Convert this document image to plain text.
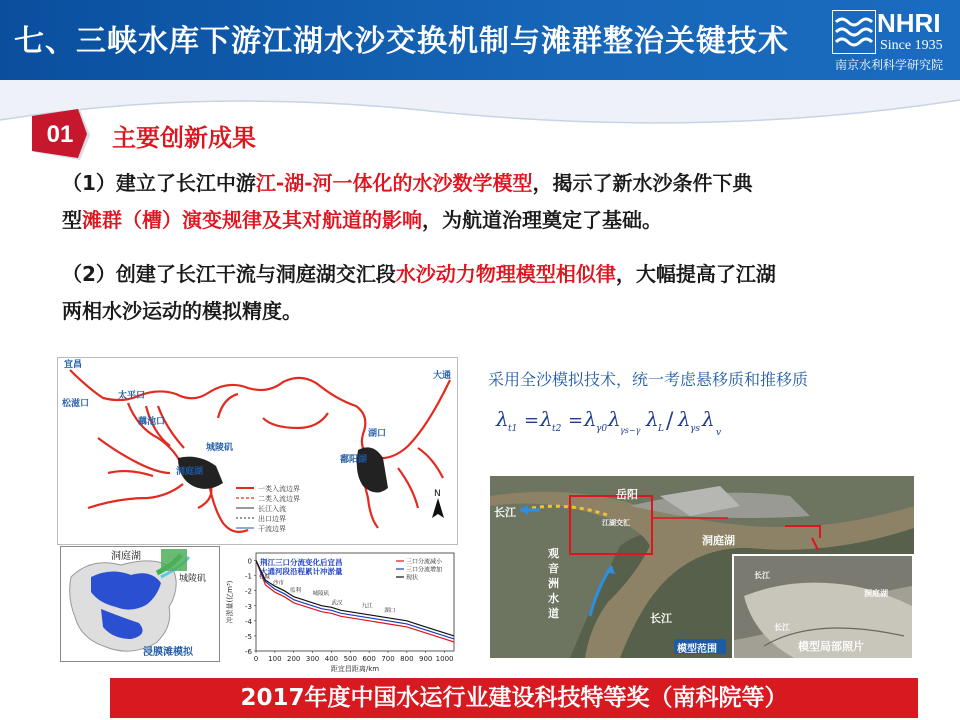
七、三峡水库下游江湖水沙交换机制与滩群整治关键技术
NHRI
Since 1935
南京水利科学研究院
01	主要创新成果
（1）建立了长江中游江-湖-河一体化的水沙数学模型，揭示了新水沙条件下典
型滩群（槽）演变规律及其对航道的影响，为航道治理奠定了基础。
（2）创建了长江干流与洞庭湖交汇段水沙动力物理模型相似律，大幅提高了江湖
两相水沙运动的模拟精度。
宜昌
松滋口
太平口
藕池口
城陵矶
洞庭湖
湖口
鄱阳湖
大通
一类入流边界
二类入流边界
长江入流
出口边界
干流边界
N
洞庭湖
城陵矶
浸膜滩模拟
0
-1
-2
-3
-4
-5
-6
0 100 200 300 400 500 600 700 800 900 1000
距宜昌距离/km
冲淤量(亿m³)
荆江三口分流变化后宜昌
大通河段沿程累计冲淤量
三口分流减小
三口分流增加
现状
枝城
沙市
监利
城陵矶
武汉
九江
湖口
采用全沙模拟技术，统一考虑悬移质和推移质
λ t1 = λ t2 = λ γ0 λ γs−γ λ L / λ γs λ
v
岳阳
长江
洞庭湖
观音洲水道	长江
江湖交汇
模型范围
长江
洞庭湖
长江
模型局部照片
2017年度中国水运行业建设科技特等奖（南科院等）
